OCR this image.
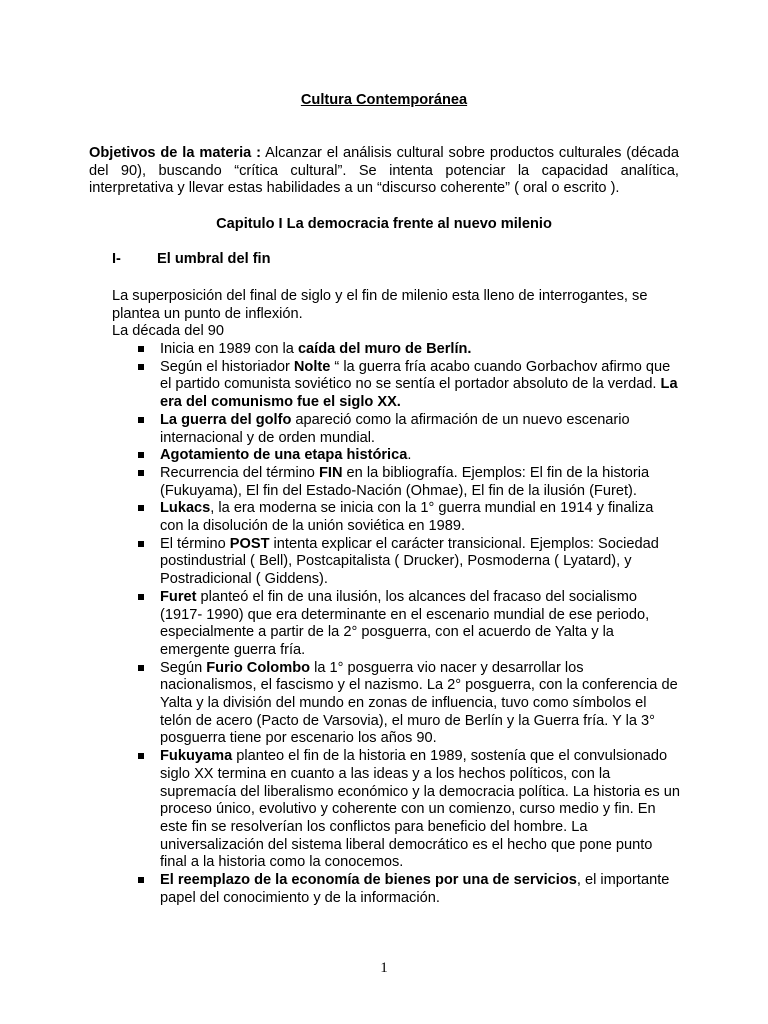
Cultura Contemporánea

Objetivos de la materia : Alcanzar el análisis cultural sobre productos culturales (década del 90), buscando “crítica cultural”. Se intenta potenciar la capacidad analítica, interpretativa y llevar estas habilidades a un “discurso coherente” ( oral o escrito ).

Capitulo I La democracia frente al nuevo milenio
I- El umbral del fin

La superposición del final de siglo y el fin de milenio esta lleno de interrogantes, se plantea un punto de inflexión.

La década del 90
Inicia en 1989 con la caída del muro de Berlín.
Según el historiador Nolte “ la guerra fría acabo cuando Gorbachov afirmo que el partido comunista soviético no se sentía el portador absoluto de la verdad. La era del comunismo fue el siglo XX.
La guerra del golfo apareció como la afirmación de un nuevo escenario internacional y de orden mundial.
Agotamiento de una etapa histórica.
Recurrencia del término FIN en la bibliografía. Ejemplos: El fin de la historia (Fukuyama), El fin del Estado-Nación (Ohmae), El fin de la ilusión (Furet).
Lukacs, la era moderna se inicia con la 1° guerra mundial en 1914 y finaliza con la disolución de la unión soviética en 1989.
El término POST intenta explicar el carácter transicional. Ejemplos: Sociedad postindustrial ( Bell), Postcapitalista ( Drucker), Posmoderna ( Lyatard), y Postradicional ( Giddens).
Furet planteó el fin de una ilusión, los alcances del fracaso del socialismo (1917- 1990) que era determinante en el escenario mundial de ese periodo, especialmente a partir de la 2° posguerra, con el acuerdo de Yalta y la emergente guerra fría.
Según Furio Colombo la 1° posguerra vio nacer y desarrollar los nacionalismos, el fascismo y el nazismo. La 2° posguerra, con la conferencia de Yalta y la división del mundo en zonas de influencia, tuvo como símbolos el telón de acero (Pacto de Varsovia), el muro de Berlín y la Guerra fría. Y la 3° posguerra tiene por escenario los años 90.
Fukuyama planteo el fin de la historia en 1989, sostenía que el convulsionado siglo XX termina en cuanto a las ideas y a los hechos políticos, con la supremacía del liberalismo económico y la democracia política. La historia es un proceso único, evolutivo y coherente con un comienzo, curso medio y fin. En este fin se resolverían los conflictos para beneficio del hombre. La universalización del sistema liberal democrático es el hecho que pone punto final a la historia como la conocemos.
El reemplazo de la economía de bienes por una de servicios, el importante papel del conocimiento y de la información.
1
